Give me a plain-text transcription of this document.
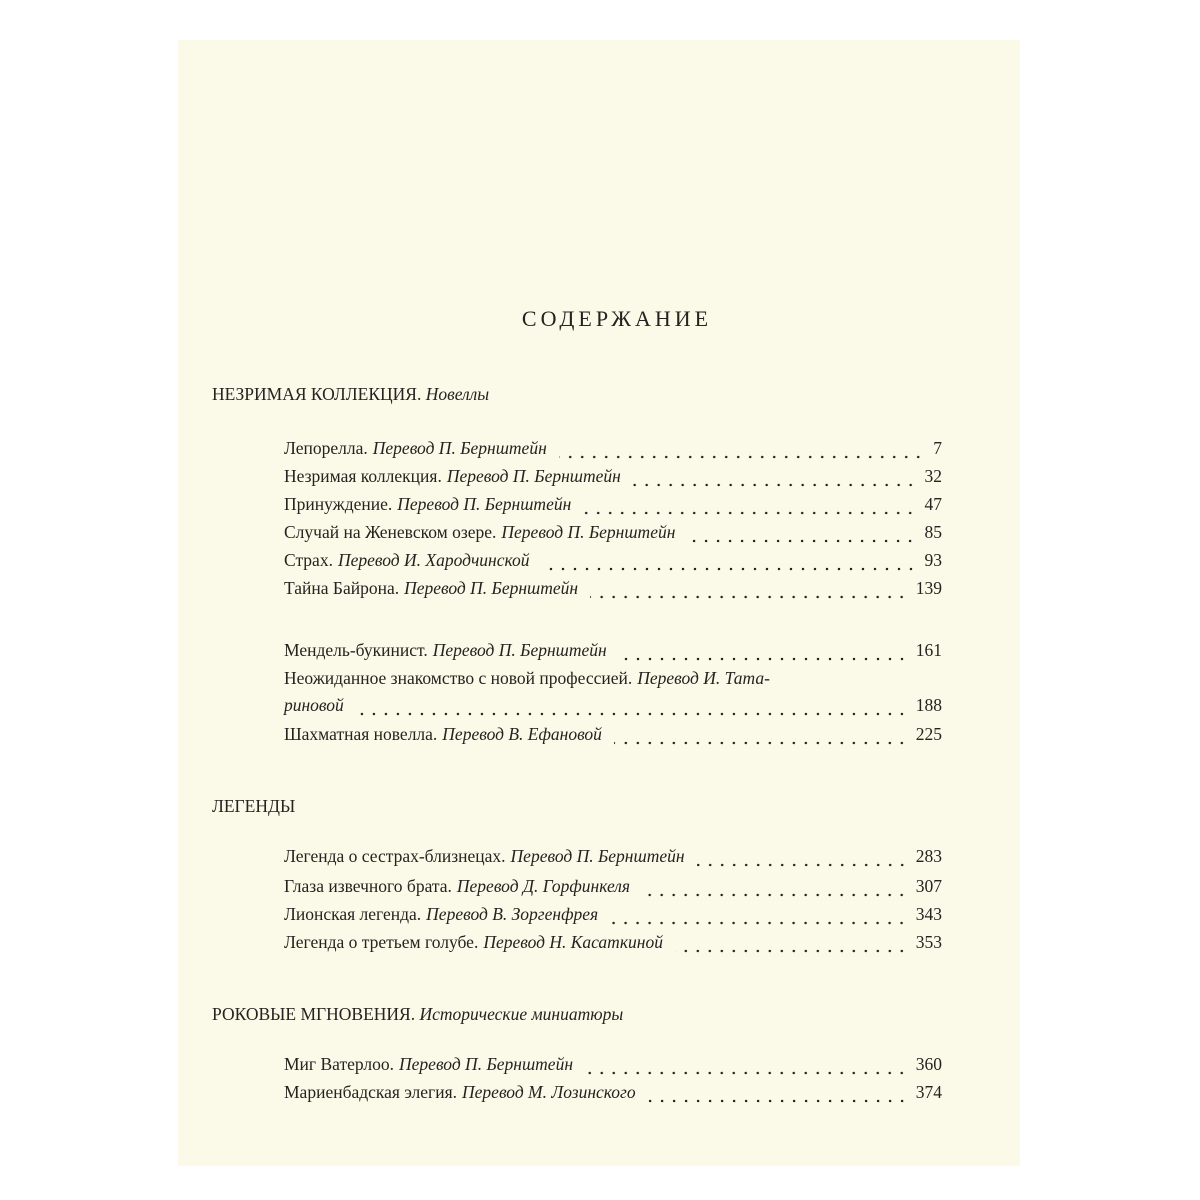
СОДЕРЖАНИЕ
НЕЗРИМАЯ КОЛЛЕКЦИЯ. Новеллы
Лепорелла. Перевод П. Бернштейн	7
Незримая коллекция. Перевод П. Бернштейн	32
Принуждение. Перевод П. Бернштейн	47
Случай на Женевском озере. Перевод П. Бернштейн	85
Страх. Перевод И. Хародчинской	93
Тайна Байрона. Перевод П. Бернштейн	139
Мендель-букинист. Перевод П. Бернштейн	161
Неожиданное знакомство с новой профессией. Перевод И. Тата-
риновой	188
Шахматная новелла. Перевод В. Ефановой	225
ЛЕГЕНДЫ
Легенда о сестрах-близнецах. Перевод П. Бернштейн	283
Глаза извечного брата. Перевод Д. Горфинкеля	307
Лионская легенда. Перевод В. Зоргенфрея	343
Легенда о третьем голубе. Перевод Н. Касаткиной	353
РОКОВЫЕ МГНОВЕНИЯ. Исторические миниатюры
Миг Ватерлоо. Перевод П. Бернштейн	360
Мариенбадская элегия. Перевод М. Лозинского	374
